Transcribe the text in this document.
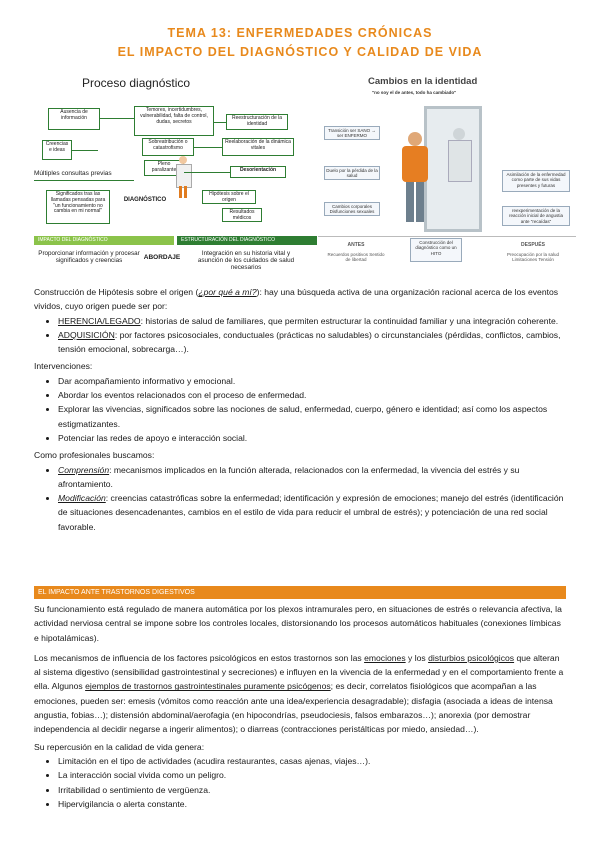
TEMA 13: ENFERMEDADES CRÓNICAS
EL IMPACTO DEL DIAGNÓSTICO Y CALIDAD DE VIDA
Proceso diagnóstico
Ausencia de información
Temores, incertidumbres, vulnerabilidad, falta de control, dudas, secretos
Reestructuración de la identidad
Creencias e ideas
Sobreatribución o catastrofismo
Reelaboración de la dinámica vitales
Múltiples consultas previas
Pleno paralizante	Desorientación
Significados tras las llamadas pensadas para "un funcionamiento no cambia en mi normal"
DIAGNÓSTICO
Hipótesis sobre el origen
Resultados médicos
IMPACTO DEL DIAGNÓSTICO	ESTRUCTURACIÓN DEL DIAGNÓSTICO
Proporcionar información y procesar significados y creencias	ABORDAJE
Integración en su historia vital y asunción de los cuidados de salud necesarios
Cambios en la identidad
"no soy el de antes, todo ha cambiado"
Transición ser SANO → ser ENFERMO
Duelo por la pérdida de la salud
Cambios corporales Disfunciones sexuales
Asimilación de la enfermedad como parte de sus vidas presentes y futuras
reexperimentación de la reacción inicial de angustia ante "recaídas"
ANTES
Recuerdos positivos Sentido de libertad
Construcción del diagnóstico como un HITO
DESPUÉS
Preocupación por la salud Limitaciones Tensión

Construcción de Hipótesis sobre el origen (¿por qué a mí?): hay una búsqueda activa de una organización racional acerca de los eventos vividos, cuyo origen puede ser por:

• HERENCIA/LEGADO: historias de salud de familiares, que permiten estructurar la continuidad familiar y una integración coherente.
• ADQUISICIÓN: por factores psicosociales, conductuales (prácticas no saludables) o circunstanciales (pérdidas, conflictos, cambios, tensión emocional, sobrecarga…).

Intervenciones:

• Dar acompañamiento informativo y emocional.
• Abordar los eventos relacionados con el proceso de enfermedad.
• Explorar las vivencias, significados sobre las nociones de salud, enfermedad, cuerpo, género e identidad; así como los aspectos estigmatizantes.
• Potenciar las redes de apoyo e interacción social.

Como profesionales buscamos:

• Comprensión: mecanismos implicados en la función alterada, relacionados con la enfermedad, la vivencia del estrés y su afrontamiento.
• Modificación: creencias catastróficas sobre la enfermedad; identificación y expresión de emociones; manejo del estrés (identificación de situaciones desencadenantes, cambios en el estilo de vida para reducir el umbral de estrés); y potenciación de una red social favorable.
EL IMPACTO ANTE TRASTORNOS DIGESTIVOS

Su funcionamiento está regulado de manera automática por los plexos intramurales pero, en situaciones de estrés o relevancia afectiva, la actividad nerviosa central se impone sobre los controles locales, distorsionando los procesos automáticos habituales (conexiones límbicas e hipotalámicas).

Los mecanismos de influencia de los factores psicológicos en estos trastornos son las emociones y los disturbios psicológicos que alteran al sistema digestivo (sensibilidad gastrointestinal y secreciones) e influyen en la vivencia de la enfermedad y en el comportamiento frente a ella. Algunos ejemplos de trastornos gastrointestinales puramente psicógenos; es decir, correlatos fisiológicos que acompañan a las emociones, pueden ser: emesis (vómitos como reacción ante una idea/experiencia desagradable); disfagia (asociada a ideas de intensa angustia, fobias…); distensión abdominal/aerofagia (en hipocondrías, pseudociesis, falsos embarazos…); anorexia (por demostrar independencia al decidir negarse a ingerir alimentos); o diarreas (contracciones peristálticas por miedo, ansiedad…).

Su repercusión en la calidad de vida genera:

• Limitación en el tipo de actividades (acudira restaurantes, casas ajenas, viajes…).
• La interacción social vivida como un peligro.
• Irritabilidad o sentimiento de vergüenza.
• Hipervigilancia o alerta constante.
